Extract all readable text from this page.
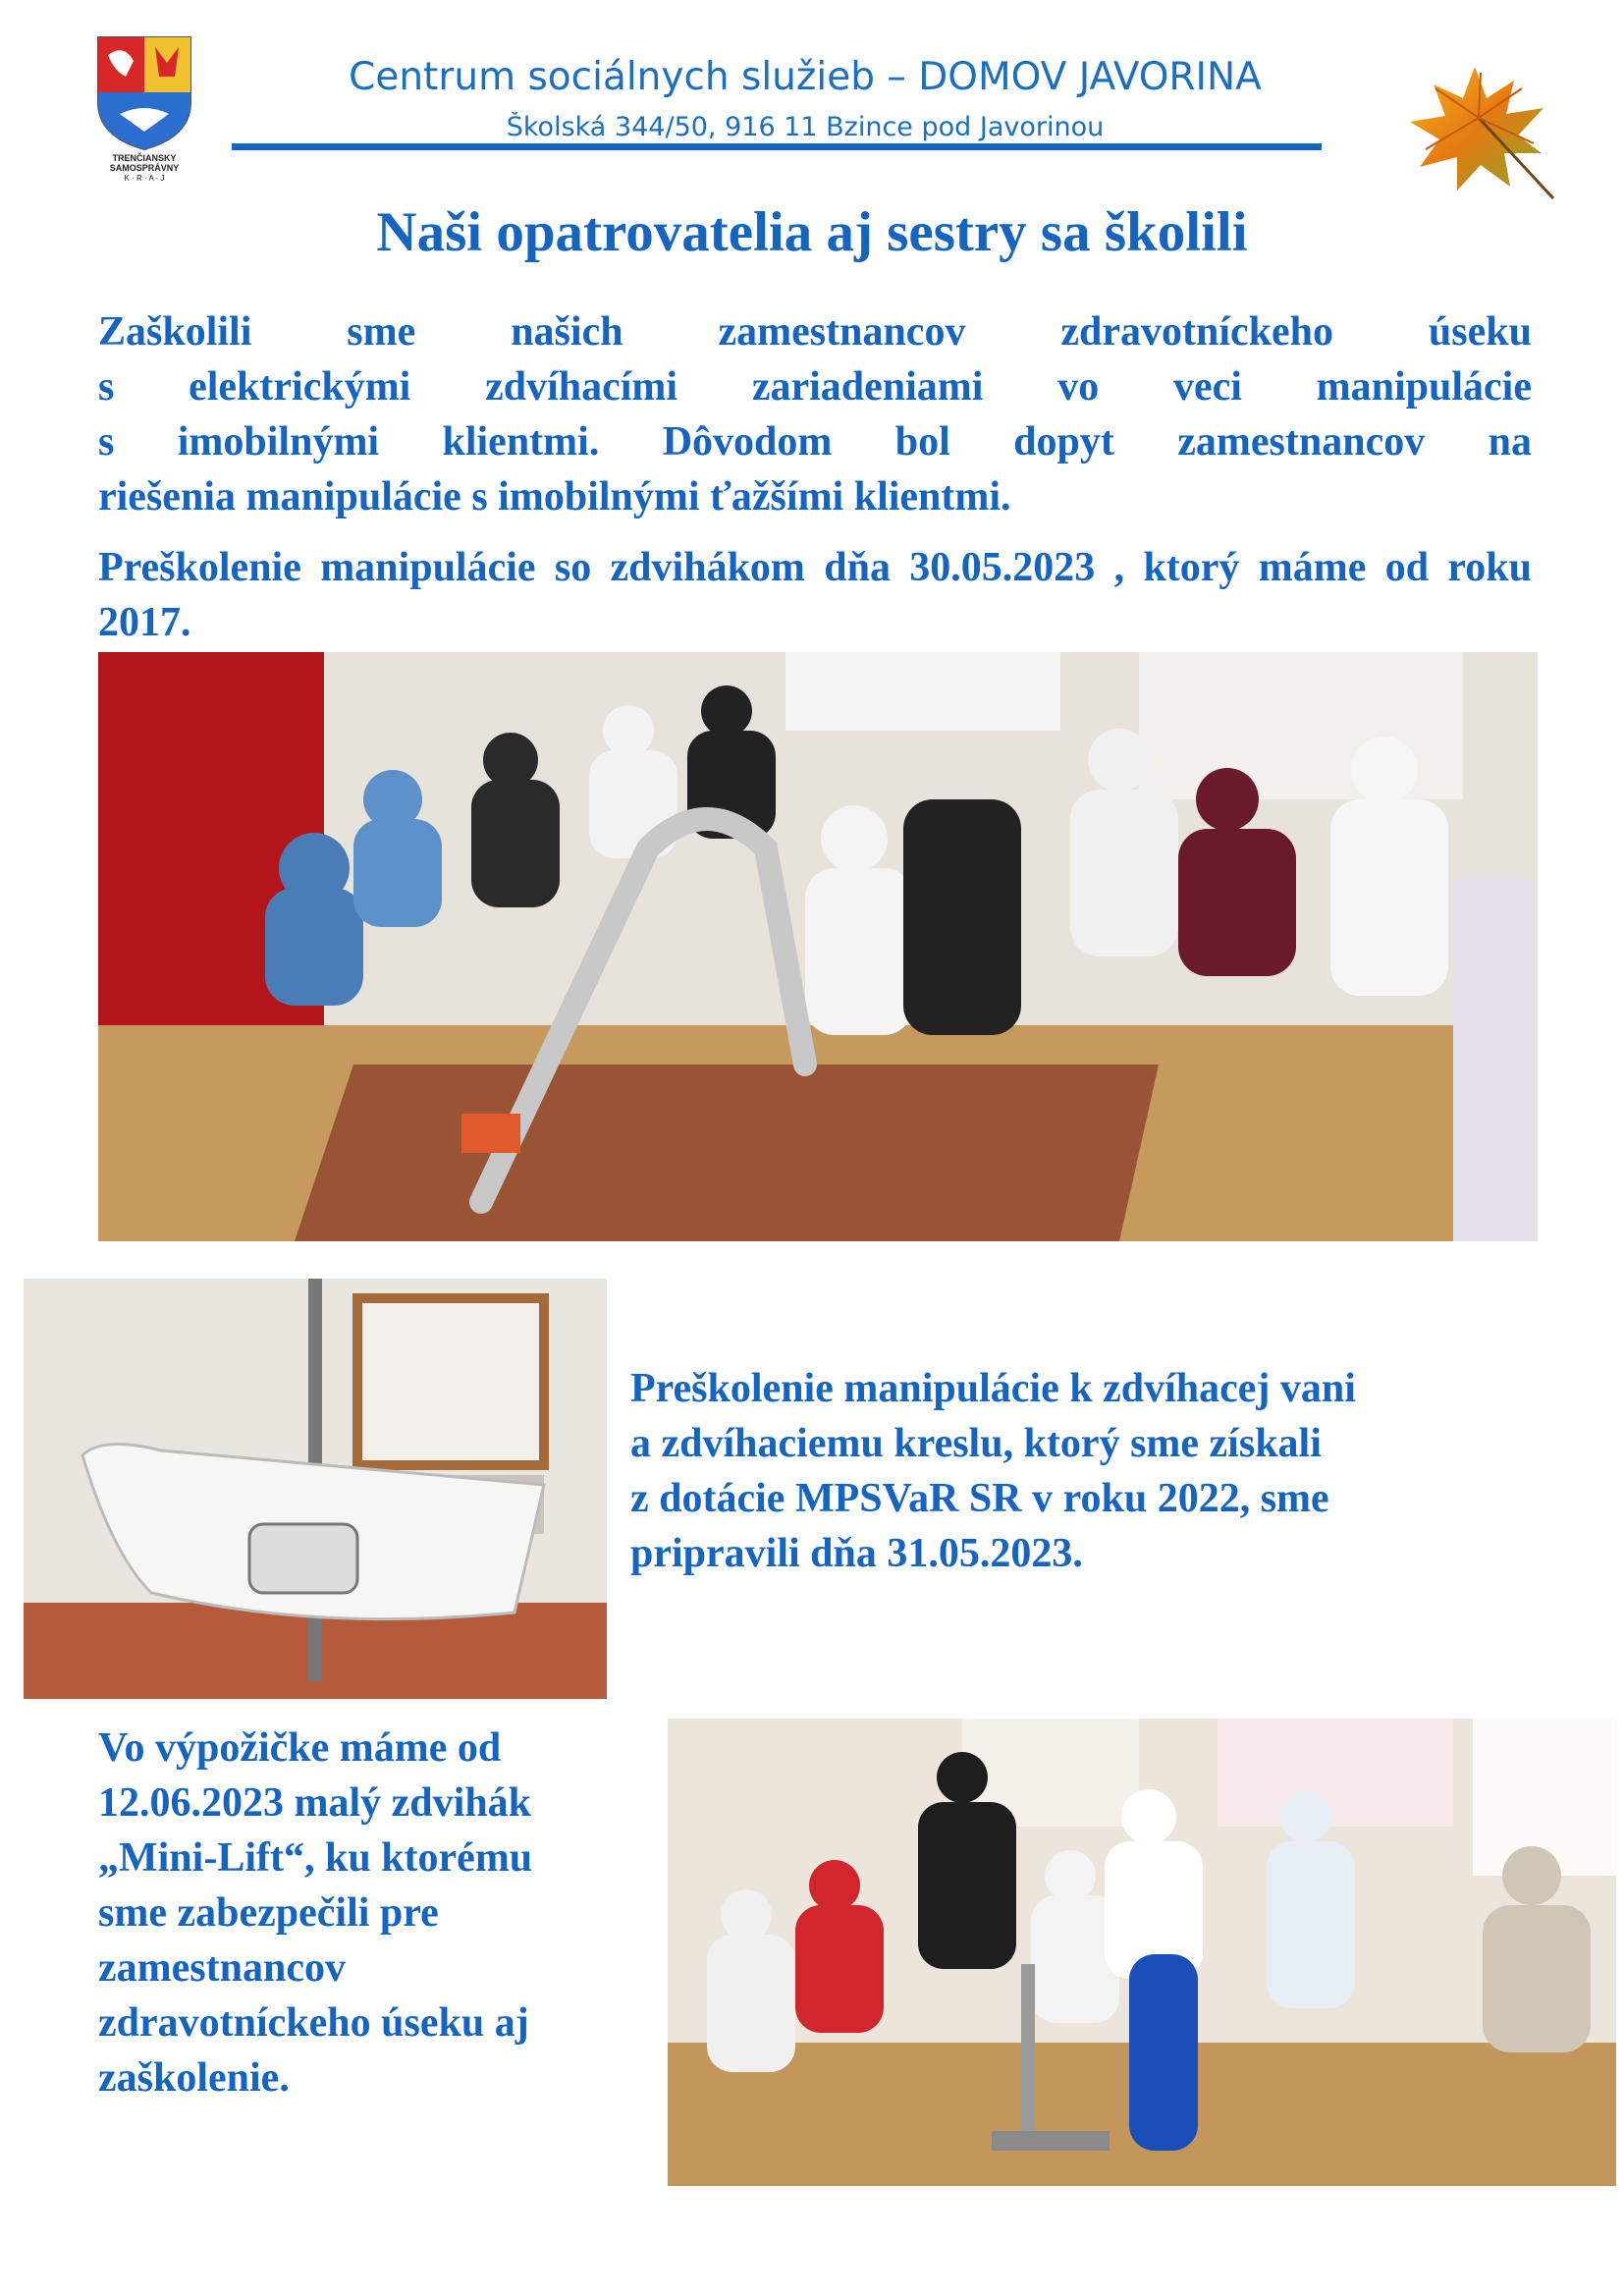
TRENČIANSKY
SAMOSPRÁVNY
K · R · A · J
Centrum sociálnych služieb – DOMOV JAVORINA
Školská 344/50, 916 11 Bzince pod Javorinou
Naši opatrovatelia aj sestry sa školili
Zaškolili sme našich zamestnancov zdravotníckeho úseku
s elektrickými zdvíhacími zariadeniami vo veci manipulácie
s imobilnými klientmi. Dôvodom bol dopyt zamestnancov na
riešenia manipulácie s imobilnými ťažšími klientmi.
Preškolenie manipulácie so zdvihákom dňa 30.05.2023 , ktorý máme od roku 2017.
Preškolenie manipulácie k zdvíhacej vani
a zdvíhaciemu kreslu, ktorý sme získali
z dotácie MPSVaR SR v roku 2022, sme
pripravili dňa 31.05.2023.
Vo výpožičke máme od
12.06.2023 malý zdvihák
„Mini-Lift“, ku ktorému
sme zabezpečili pre
zamestnancov
zdravotníckeho úseku aj
zaškolenie.
